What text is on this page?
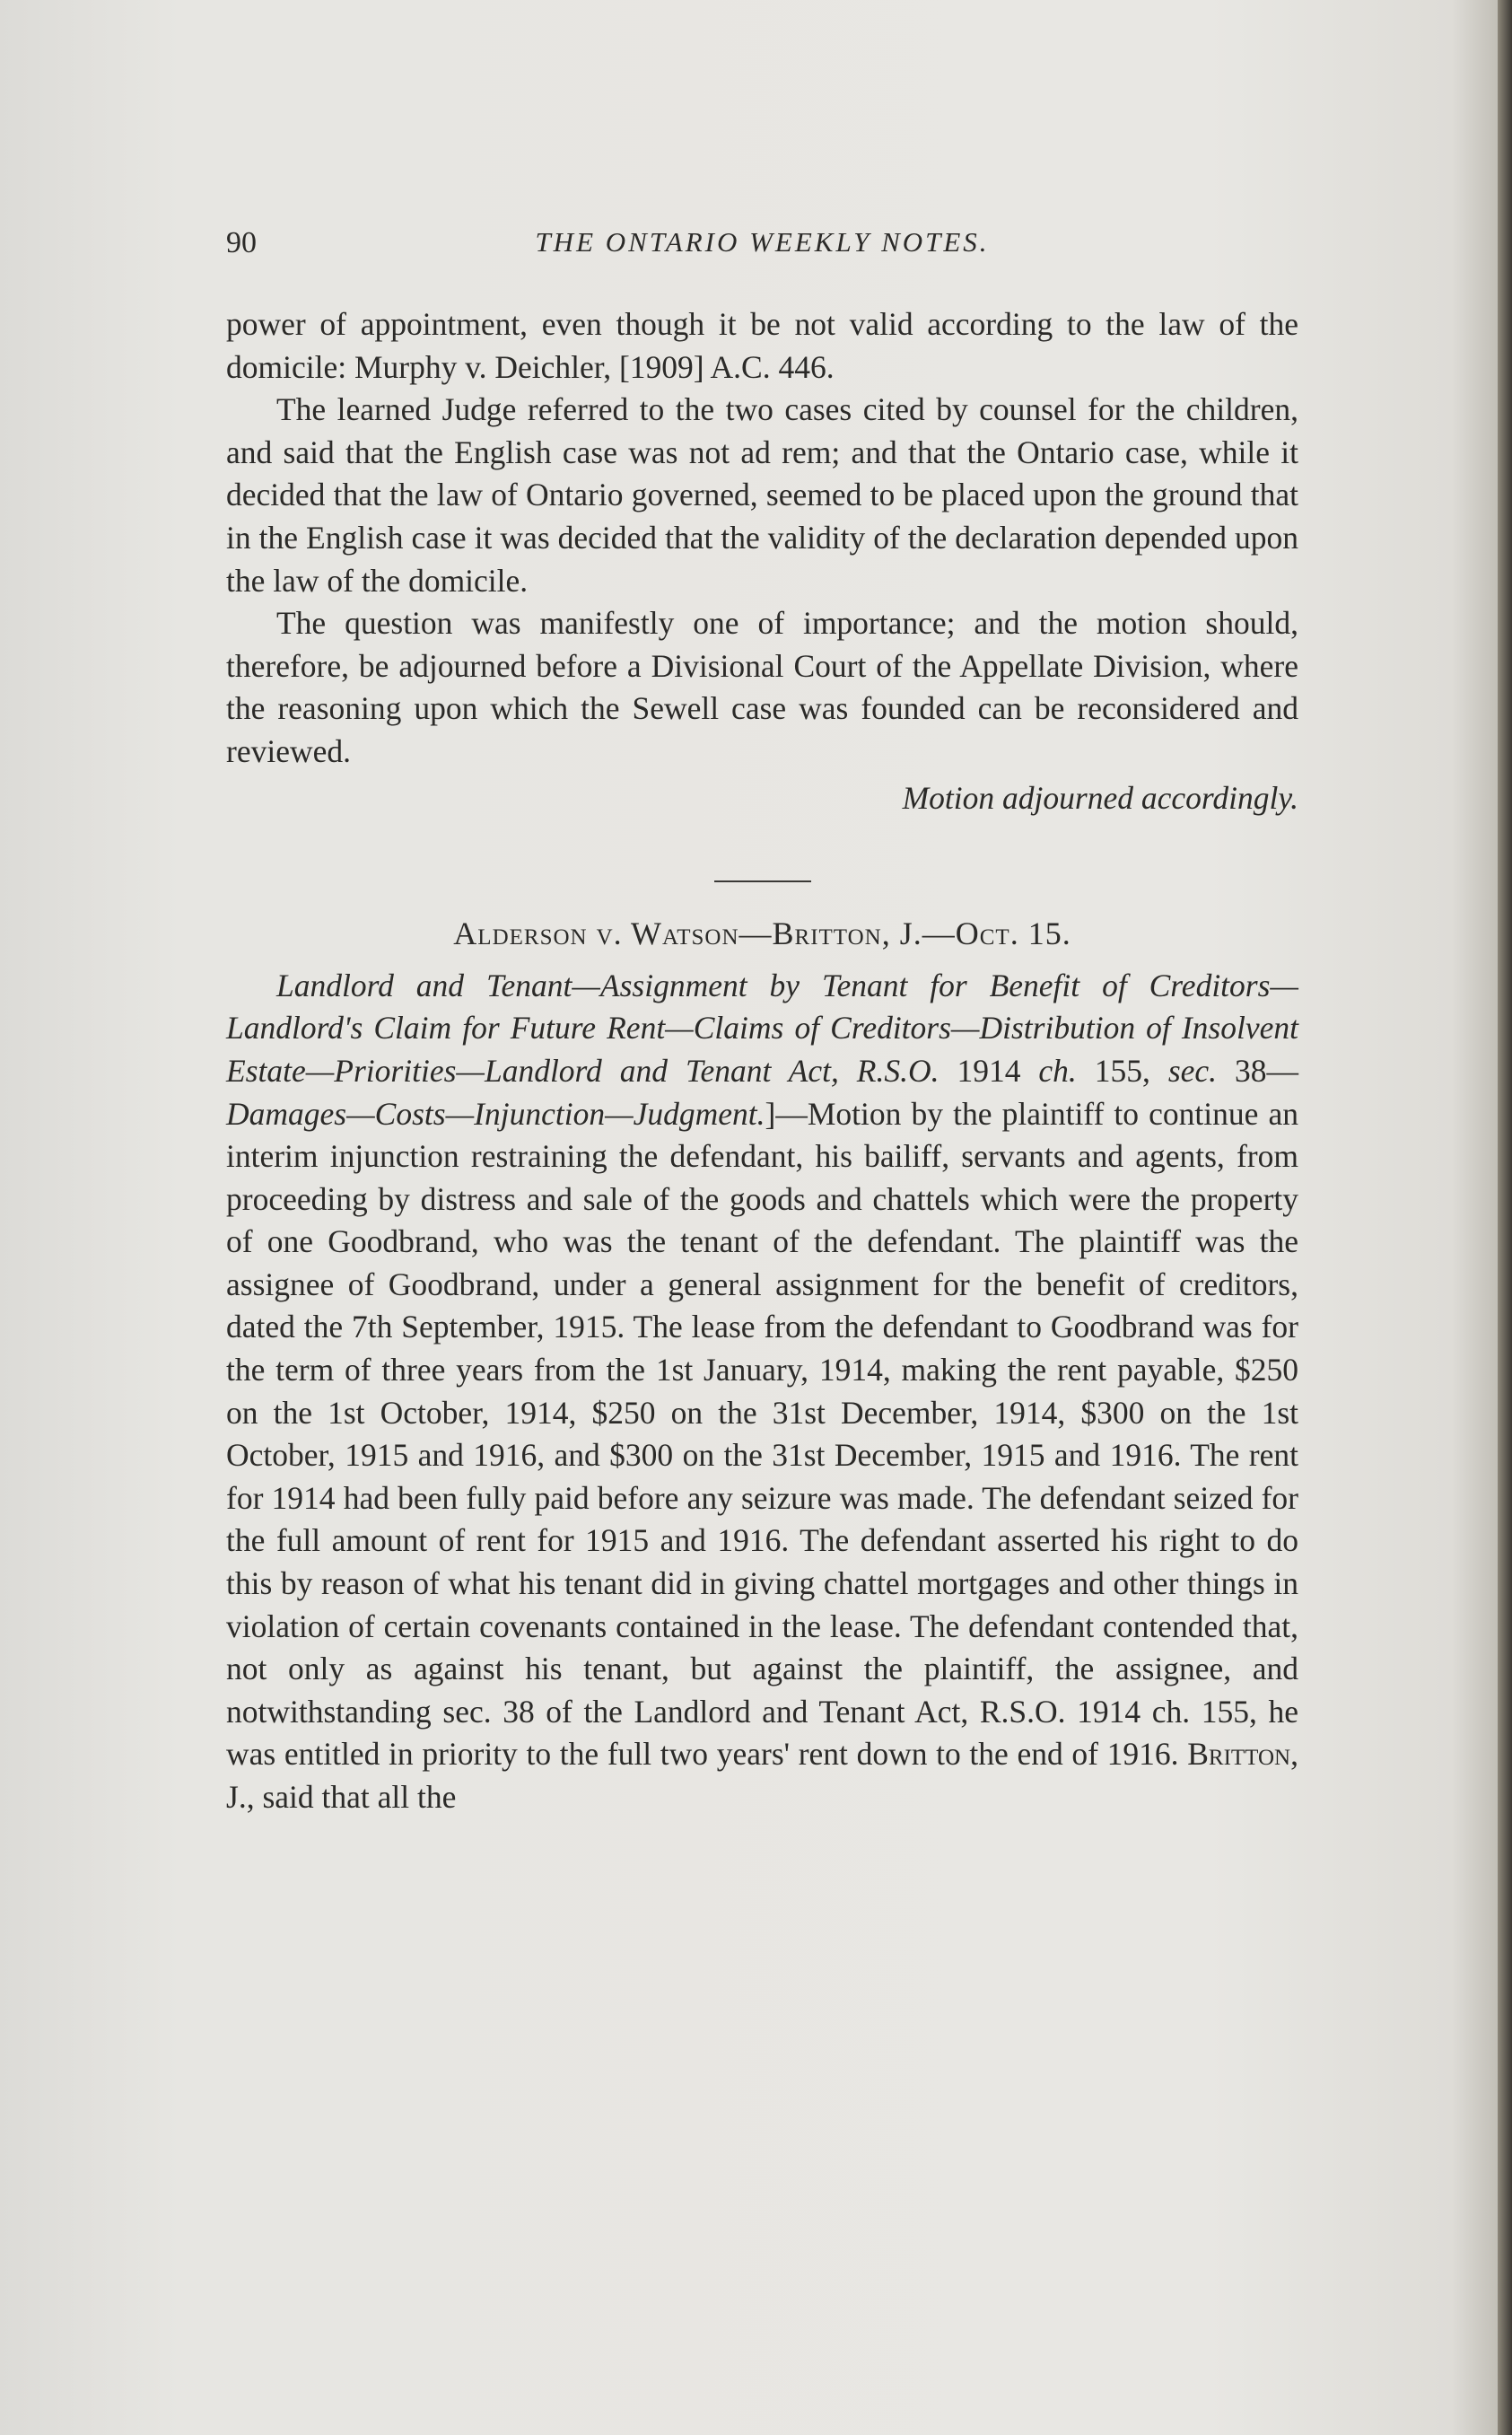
90	THE ONTARIO WEEKLY NOTES.

power of appointment, even though it be not valid according to the law of the domicile: Murphy v. Deichler, [1909] A.C. 446.

The learned Judge referred to the two cases cited by counsel for the children, and said that the English case was not ad rem; and that the Ontario case, while it decided that the law of Ontario governed, seemed to be placed upon the ground that in the English case it was decided that the validity of the declaration depended upon the law of the domicile.

The question was manifestly one of importance; and the motion should, therefore, be adjourned before a Divisional Court of the Appellate Division, where the reasoning upon which the Sewell case was founded can be reconsidered and reviewed.

Motion adjourned accordingly.

Alderson v. Watson—Britton, J.—Oct. 15.

Landlord and Tenant—Assignment by Tenant for Benefit of Creditors—Landlord's Claim for Future Rent—Claims of Creditors—Distribution of Insolvent Estate—Priorities—Landlord and Tenant Act, R.S.O. 1914 ch. 155, sec. 38—Damages—Costs—Injunction—Judgment.]—Motion by the plaintiff to continue an interim injunction restraining the defendant, his bailiff, servants and agents, from proceeding by distress and sale of the goods and chattels which were the property of one Goodbrand, who was the tenant of the defendant. The plaintiff was the assignee of Goodbrand, under a general assignment for the benefit of creditors, dated the 7th September, 1915. The lease from the defendant to Goodbrand was for the term of three years from the 1st January, 1914, making the rent payable, $250 on the 1st October, 1914, $250 on the 31st December, 1914, $300 on the 1st October, 1915 and 1916, and $300 on the 31st December, 1915 and 1916. The rent for 1914 had been fully paid before any seizure was made. The defendant seized for the full amount of rent for 1915 and 1916. The defendant asserted his right to do this by reason of what his tenant did in giving chattel mortgages and other things in violation of certain covenants contained in the lease. The defendant contended that, not only as against his tenant, but against the plaintiff, the assignee, and notwithstanding sec. 38 of the Landlord and Tenant Act, R.S.O. 1914 ch. 155, he was entitled in priority to the full two years' rent down to the end of 1916. Britton, J., said that all the
